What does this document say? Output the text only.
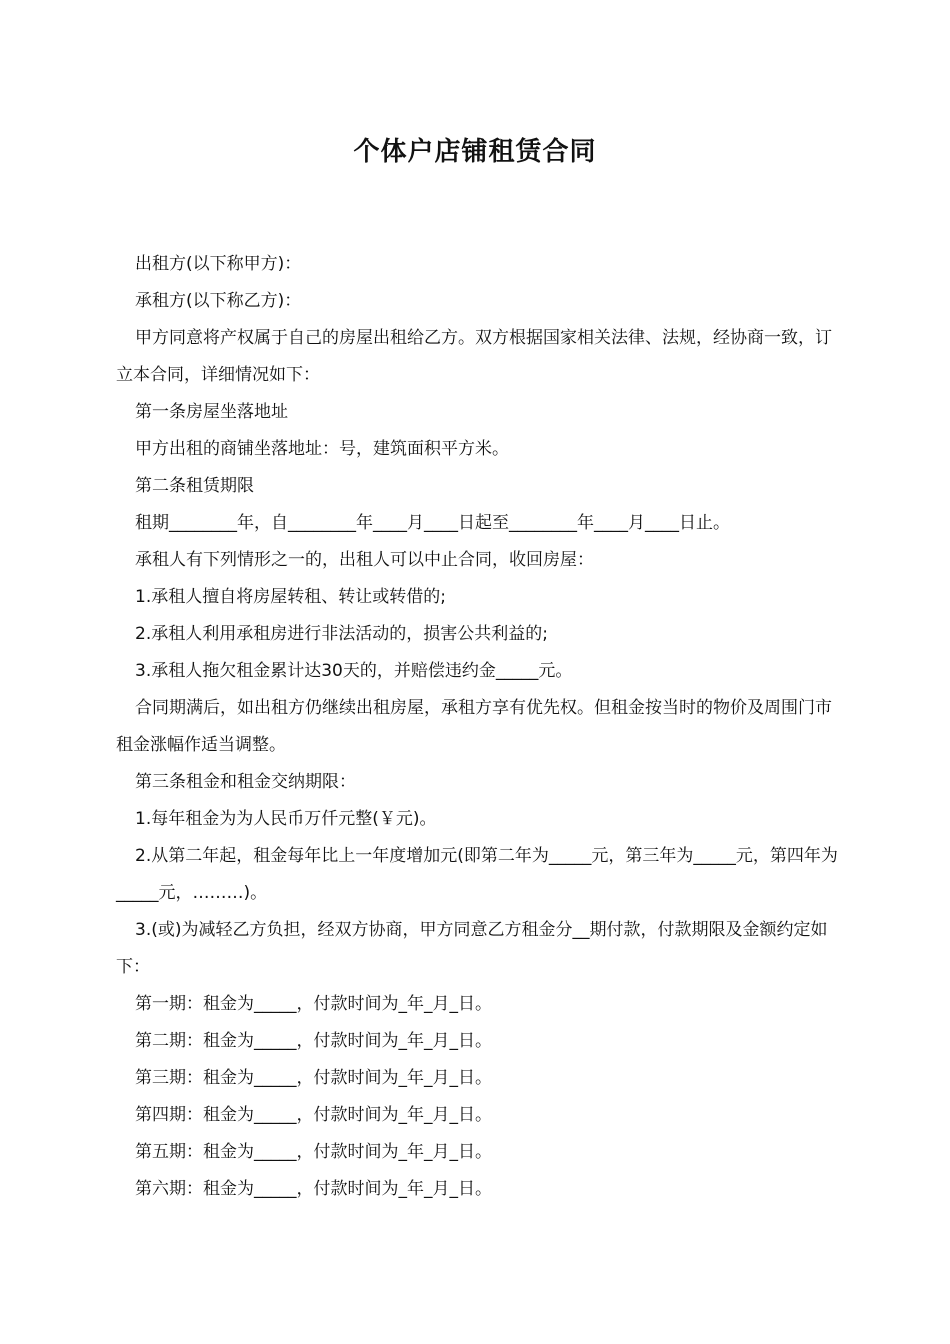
个体户店铺租赁合同

出租方(以下称甲方)：

承租方(以下称乙方)：

甲方同意将产权属于自己的房屋出租给乙方。双方根据国家相关法律、法规，经协商一致，订立本合同，详细情况如下：

第一条房屋坐落地址

甲方出租的商铺坐落地址：号，建筑面积平方米。

第二条租赁期限

租期________年，自________年____月____日起至________年____月____日止。

承租人有下列情形之一的，出租人可以中止合同，收回房屋：

1.承租人擅自将房屋转租、转让或转借的;

2.承租人利用承租房进行非法活动的，损害公共利益的;

3.承租人拖欠租金累计达30天的，并赔偿违约金_____元。

合同期满后，如出租方仍继续出租房屋，承租方享有优先权。但租金按当时的物价及周围门市租金涨幅作适当调整。

第三条租金和租金交纳期限：

1.每年租金为为人民币万仟元整(￥元)。

2.从第二年起，租金每年比上一年度增加元(即第二年为_____元，第三年为_____元，第四年为_____元，………)。

3.(或)为减轻乙方负担，经双方协商，甲方同意乙方租金分__期付款，付款期限及金额约定如下：

第一期：租金为_____，付款时间为_年_月_日。

第二期：租金为_____，付款时间为_年_月_日。

第三期：租金为_____，付款时间为_年_月_日。

第四期：租金为_____，付款时间为_年_月_日。

第五期：租金为_____，付款时间为_年_月_日。

第六期：租金为_____，付款时间为_年_月_日。
